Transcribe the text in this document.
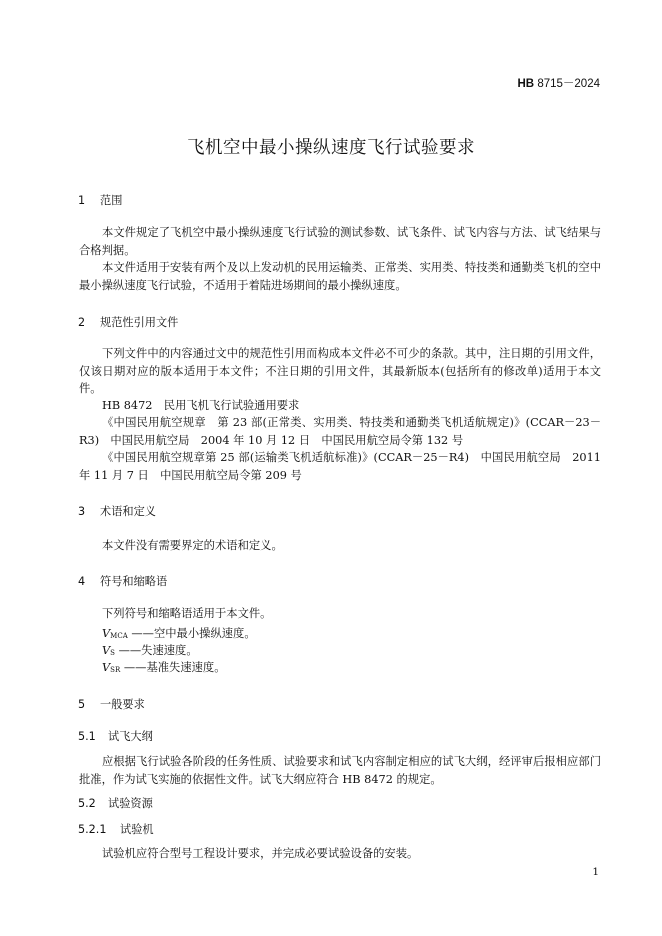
HB 8715－2024
飞机空中最小操纵速度飞行试验要求
1 范围
本文件规定了飞机空中最小操纵速度飞行试验的测试参数、试飞条件、试飞内容与方法、试飞结果与合格判据。
本文件适用于安装有两个及以上发动机的民用运输类、正常类、实用类、特技类和通勤类飞机的空中最小操纵速度飞行试验，不适用于着陆进场期间的最小操纵速度。
2 规范性引用文件
下列文件中的内容通过文中的规范性引用而构成本文件必不可少的条款。其中，注日期的引用文件，仅该日期对应的版本适用于本文件；不注日期的引用文件，其最新版本(包括所有的修改单)适用于本文件。
HB 8472　民用飞机飞行试验通用要求
《中国民用航空规章　第 23 部(正常类、实用类、特技类和通勤类飞机适航规定)》(CCAR－23－R3)　中国民用航空局　2004 年 10 月 12 日　中国民用航空局令第 132 号
《中国民用航空规章第 25 部(运输类飞机适航标准)》(CCAR－25－R4)　中国民用航空局　2011 年 11 月 7 日　中国民用航空局令第 209 号
3 术语和定义
本文件没有需要界定的术语和定义。
4 符号和缩略语
下列符号和缩略语适用于本文件。
$V_{MCA}$ ——空中最小操纵速度。
$V_S$ ——失速速度。
$V_{SR}$ ——基准失速速度。
5 一般要求
5.1 试飞大纲
应根据飞行试验各阶段的任务性质、试验要求和试飞内容制定相应的试飞大纲，经评审后报相应部门批准，作为试飞实施的依据性文件。试飞大纲应符合 HB 8472 的规定。
5.2 试验资源
5.2.1 试验机
试验机应符合型号工程设计要求，并完成必要试验设备的安装。
1
